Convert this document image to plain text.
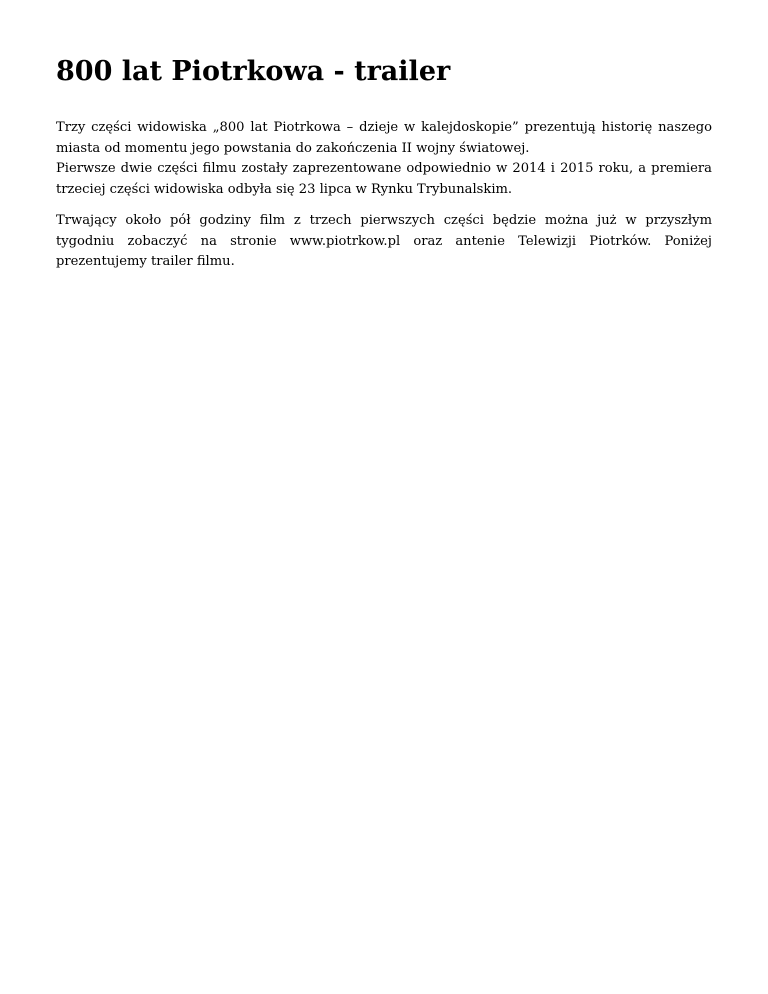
800 lat Piotrkowa - trailer

Trzy części widowiska „800 lat Piotrkowa – dzieje w kalejdoskopie” prezentują historię naszego miasta od momentu jego powstania do zakończenia II wojny światowej.
Pierwsze dwie części filmu zostały zaprezentowane odpowiednio w 2014 i 2015 roku, a premiera trzeciej części widowiska odbyła się 23 lipca w Rynku Trybunalskim.

Trwający około pół godziny film z trzech pierwszych części będzie można już w przyszłym tygodniu zobaczyć na stronie www.piotrkow.pl oraz antenie Telewizji Piotrków. Poniżej prezentujemy trailer filmu.
